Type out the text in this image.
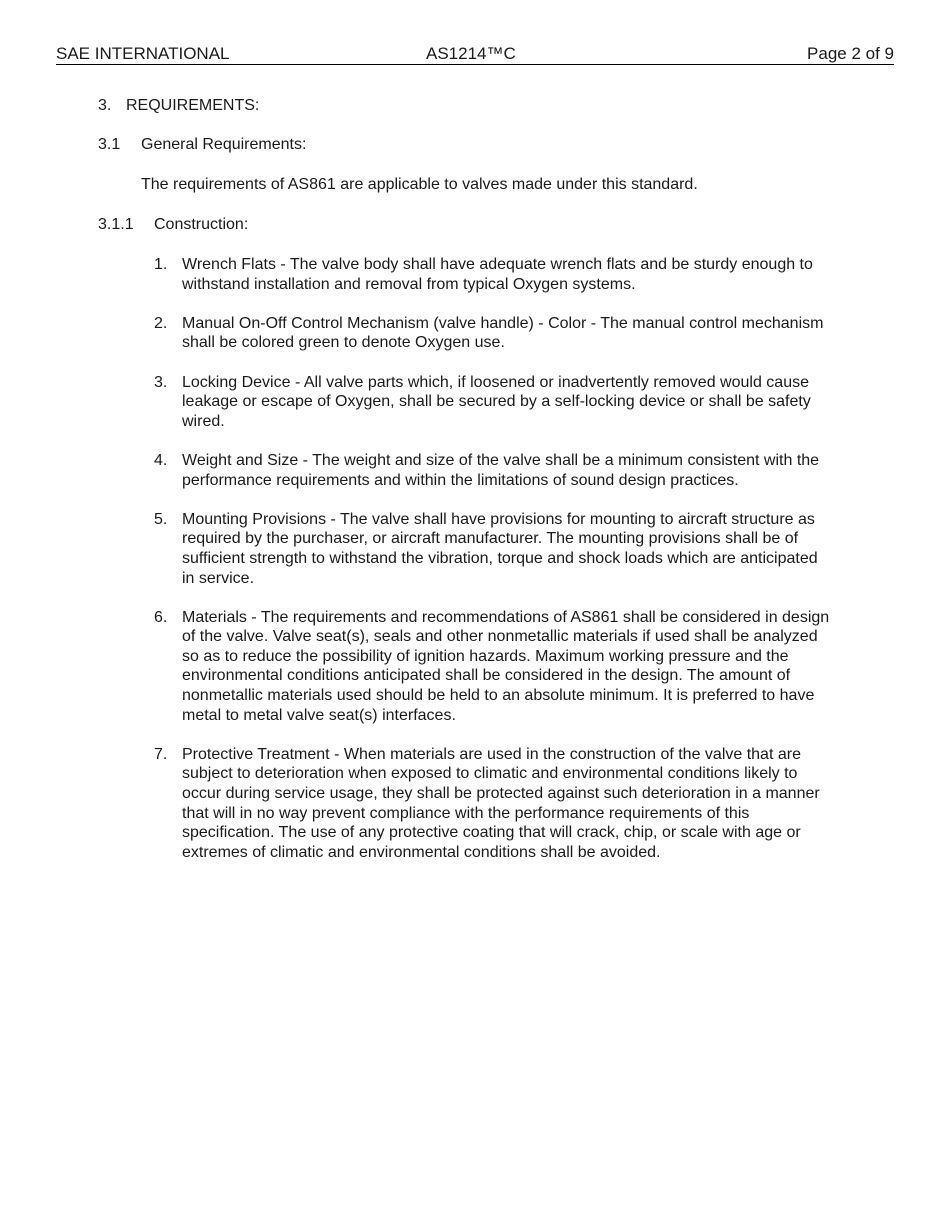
SAE INTERNATIONAL	AS1214™C	Page 2 of 9
3. REQUIREMENTS:
3.1 General Requirements:

The requirements of AS861 are applicable to valves made under this standard.

3.1.1 Construction:
1. Wrench Flats - The valve body shall have adequate wrench flats and be sturdy enough to withstand installation and removal from typical Oxygen systems.
2. Manual On-Off Control Mechanism (valve handle) - Color - The manual control mechanism shall be colored green to denote Oxygen use.
3. Locking Device - All valve parts which, if loosened or inadvertently removed would cause leakage or escape of Oxygen, shall be secured by a self-locking device or shall be safety wired.
4. Weight and Size - The weight and size of the valve shall be a minimum consistent with the performance requirements and within the limitations of sound design practices.
5. Mounting Provisions - The valve shall have provisions for mounting to aircraft structure as required by the purchaser, or aircraft manufacturer. The mounting provisions shall be of sufficient strength to withstand the vibration, torque and shock loads which are anticipated in service.
6. Materials - The requirements and recommendations of AS861 shall be considered in design of the valve. Valve seat(s), seals and other nonmetallic materials if used shall be analyzed so as to reduce the possibility of ignition hazards. Maximum working pressure and the environmental conditions anticipated shall be considered in the design. The amount of nonmetallic materials used should be held to an absolute minimum. It is preferred to have metal to metal valve seat(s) interfaces.
7. Protective Treatment - When materials are used in the construction of the valve that are subject to deterioration when exposed to climatic and environmental conditions likely to occur during service usage, they shall be protected against such deterioration in a manner that will in no way prevent compliance with the performance requirements of this specification. The use of any protective coating that will crack, chip, or scale with age or extremes of climatic and environmental conditions shall be avoided.
